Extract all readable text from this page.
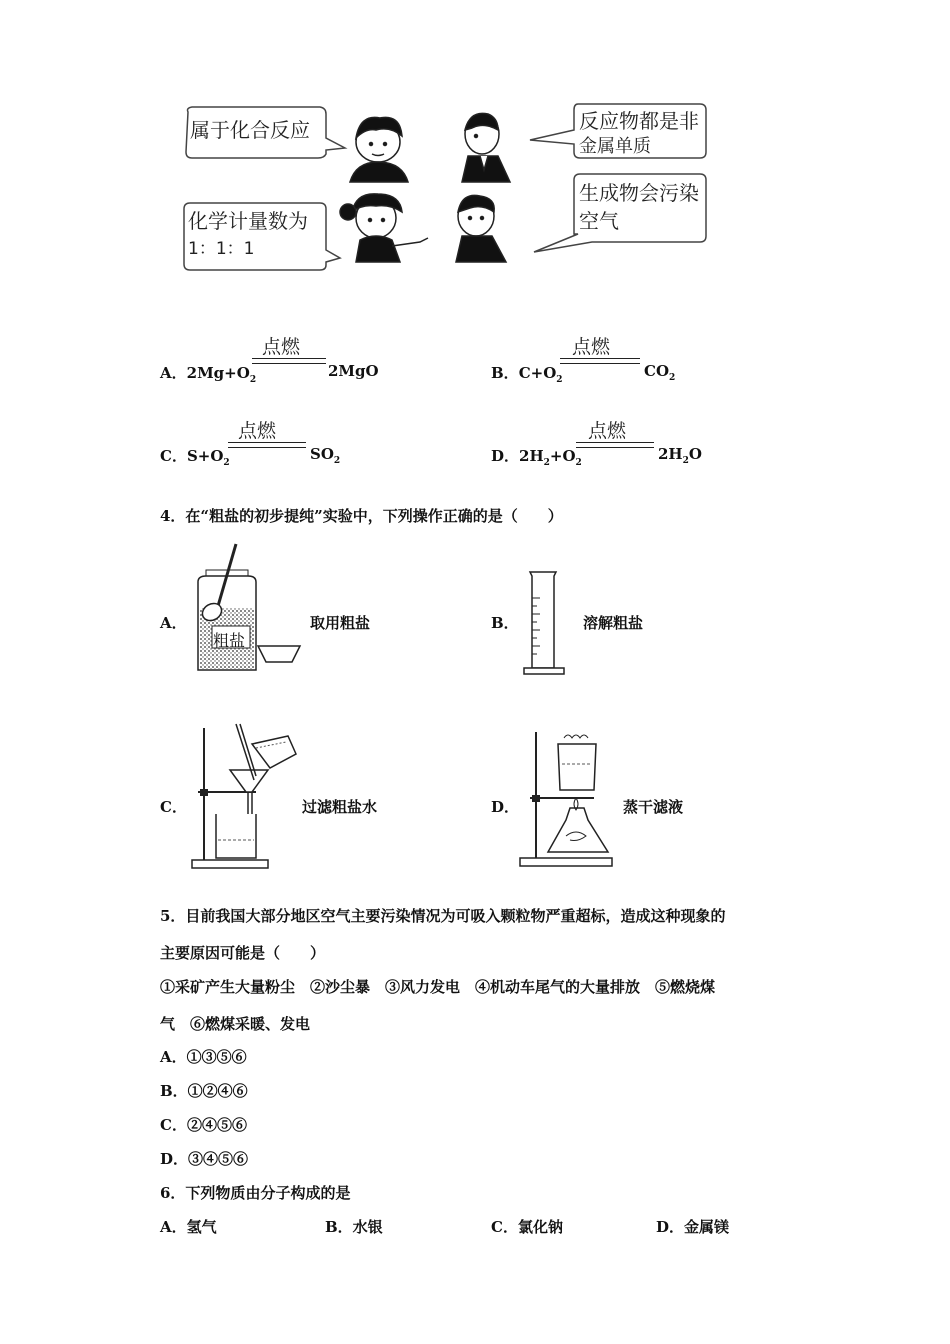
属于化合反应	反应物都是非
金属单质
化学计量数为
1：1：1
生成物会污染
空气
A．$2Mg+O_2$
点燃
2MgO	B．$C+O_2$
点燃
$CO_2$
C．$S+O_2$
点燃
$SO_2$	D．$2H_2+O_2$
点燃
$2H_2O$
4．在“粗盐的初步提纯”实验中，下列操作正确的是（　　）
A．
粗盐
取用粗盐	B．	溶解粗盐
C．	过滤粗盐水	D．	蒸干滤液
5．目前我国大部分地区空气主要污染情况为可吸入颗粒物严重超标，造成这种现象的
主要原因可能是（　　）
①采矿产生大量粉尘　②沙尘暴　③风力发电　④机动车尾气的大量排放　⑤燃烧煤
气　⑥燃煤采暖、发电
A．①③⑤⑥
B．①②④⑥
C．②④⑤⑥
D．③④⑤⑥
6．下列物质由分子构成的是
A．氢气	B．水银	C．氯化钠	D．金属镁
